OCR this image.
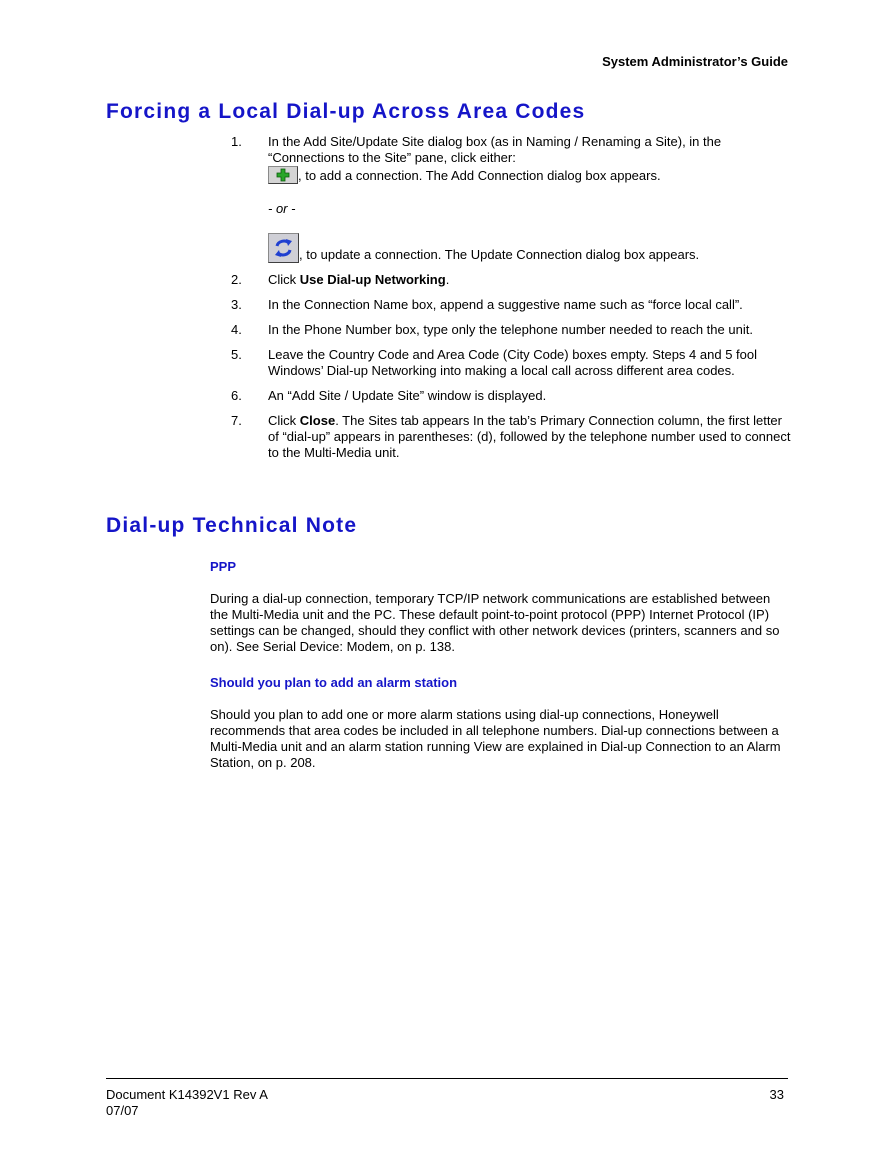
System Administrator’s Guide
Forcing a Local Dial-up Across Area Codes
1. In the Add Site/Update Site dialog box (as in Naming / Renaming a Site), in the “Connections to the Site” pane, click either:
, to add a connection. The Add Connection dialog box appears.
- or -
, to update a connection. The Update Connection dialog box appears.
2. Click Use Dial-up Networking.
3. In the Connection Name box, append a suggestive name such as “force local call”.
4. In the Phone Number box, type only the telephone number needed to reach the unit.
5. Leave the Country Code and Area Code (City Code) boxes empty. Steps 4 and 5 fool Windows’ Dial-up Networking into making a local call across different area codes.
6. An “Add Site / Update Site” window is displayed.
7. Click Close. The Sites tab appears In the tab’s Primary Connection column, the first letter of “dial-up” appears in parentheses: (d), followed by the telephone number used to connect to the Multi-Media unit.
Dial-up Technical Note
PPP

During a dial-up connection, temporary TCP/IP network communications are established between the Multi-Media unit and the PC. These default point-to-point protocol (PPP) Internet Protocol (IP) settings can be changed, should they conflict with other network devices (printers, scanners and so on). See Serial Device: Modem, on p. 138.

Should you plan to add an alarm station

Should you plan to add one or more alarm stations using dial-up connections, Honeywell recommends that area codes be included in all telephone numbers. Dial-up connections between a Multi-Media unit and an alarm station running View are explained in Dial-up Connection to an Alarm Station, on p. 208.

Document K14392V1 Rev A
07/07
33
